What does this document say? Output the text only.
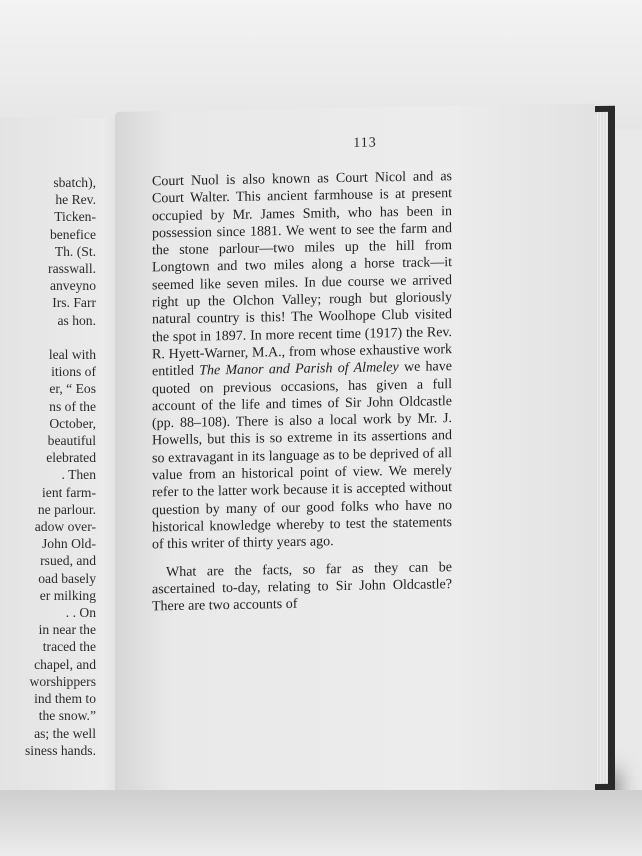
sbatch),
he Rev.
Ticken-
benefice
Th. (St.
rasswall.
anveyno
Irs. Farr
as hon.

leal with
itions of
er, “ Eos
ns of the
October,
beautiful
elebrated
. Then
ient farm-
ne parlour.
adow over-
John Old-
rsued, and
oad basely
er milking
. . On
in near the
traced the
chapel, and
worshippers
ind them to
the snow.”
as; the well
siness hands.
113

Court Nuol is also known as Court Nicol and as Court Walter. This ancient farmhouse is at present occupied by Mr. James Smith, who has been in possession since 1881. We went to see the farm and the stone parlour—two miles up the hill from Longtown and two miles along a horse track—it seemed like seven miles. In due course we arrived right up the Olchon Valley; rough but gloriously natural country is this! The Woolhope Club visited the spot in 1897. In more recent time (1917) the Rev. R. Hyett-Warner, M.A., from whose exhaustive work entitled The Manor and Parish of Almeley we have quoted on previous occasions, has given a full account of the life and times of Sir John Oldcastle (pp. 88–108). There is also a local work by Mr. J. Howells, but this is so extreme in its assertions and so extravagant in its language as to be deprived of all value from an historical point of view. We merely refer to the latter work because it is accepted without question by many of our good folks who have no historical knowledge whereby to test the statements of this writer of thirty years ago.

What are the facts, so far as they can be ascertained to-day, relating to Sir John Oldcastle? There are two accounts of
